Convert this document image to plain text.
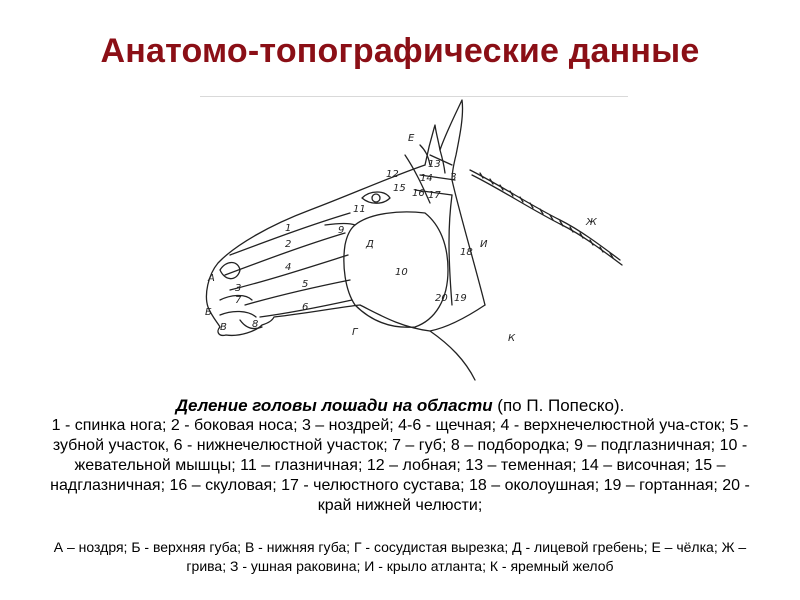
Анатомо-топографические данные
1
2
3
4
5
6
7
8
9
10
11
12
13
14
15 16 17
18
19
20
А
Б
В	Г
Д
Е
Ж
З
И
К
Деление головы лошади на области (по П. Попеско).
1 - спинка нога; 2 - боковая носа; 3 – ноздрей; 4-6 - щечная; 4 - верхнечелюстной уча-сток; 5 - зубной участок, 6 - нижнечелюстной участок; 7 – губ; 8 – подбородка; 9 – подглазничная; 10 - жевательной мышцы; 11 – глазничная; 12 – лобная; 13 – теменная; 14 – височная; 15 – надглазничная; 16 – скуловая; 17 - челюстного сустава; 18 – околоушная; 19 – гортанная; 20 - край нижней челюсти;
А – ноздря; Б - верхняя губа; В - нижняя губа; Г - сосудистая вырезка; Д - лицевой гребень; Е – чёлка; Ж – грива; З - ушная раковина; И - крыло атланта; К - яремный желоб
